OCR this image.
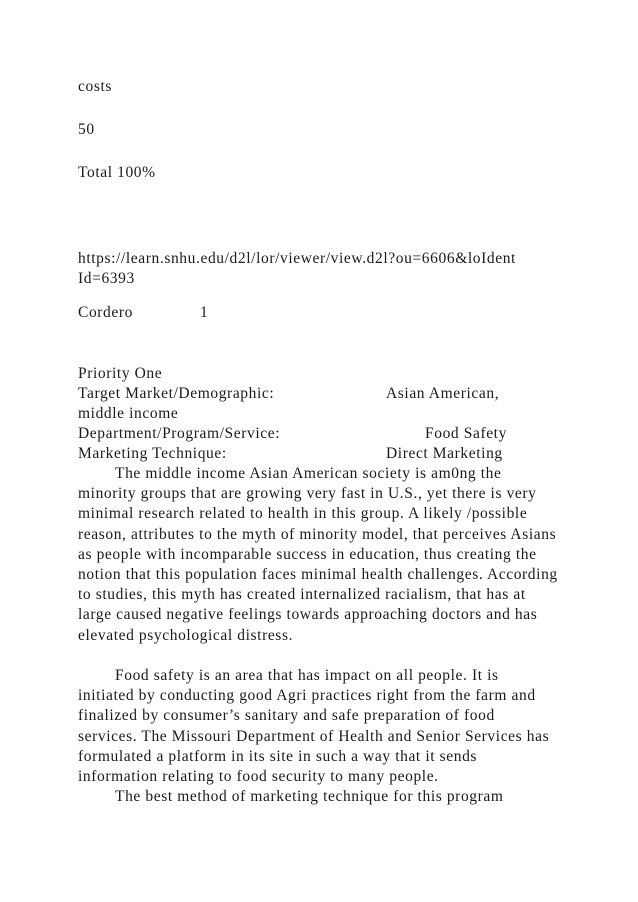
costs
50
Total 100%
https://learn.snhu.edu/d2l/lor/viewer/view.d2l?ou=6606&loIdent
Id=6393
Cordero	1
Priority One
Target Market/Demographic:	Asian American,
middle income
Department/Program/Service:	Food Safety
Marketing Technique:	Direct Marketing

The middle income Asian American society is am0ng the minority groups that are growing very fast in U.S., yet there is very minimal research related to health in this group. A likely /possible reason, attributes to the myth of minority model, that perceives Asians as people with incomparable success in education, thus creating the notion that this population faces minimal health challenges. According to studies, this myth has created internalized racialism, that has at large caused negative feelings towards approaching doctors and has elevated psychological distress.

Food safety is an area that has impact on all people. It is initiated by conducting good Agri practices right from the farm and finalized by consumer’s sanitary and safe preparation of food services. The Missouri Department of Health and Senior Services has formulated a platform in its site in such a way that it sends information relating to food security to many people.

The best method of marketing technique for this program
